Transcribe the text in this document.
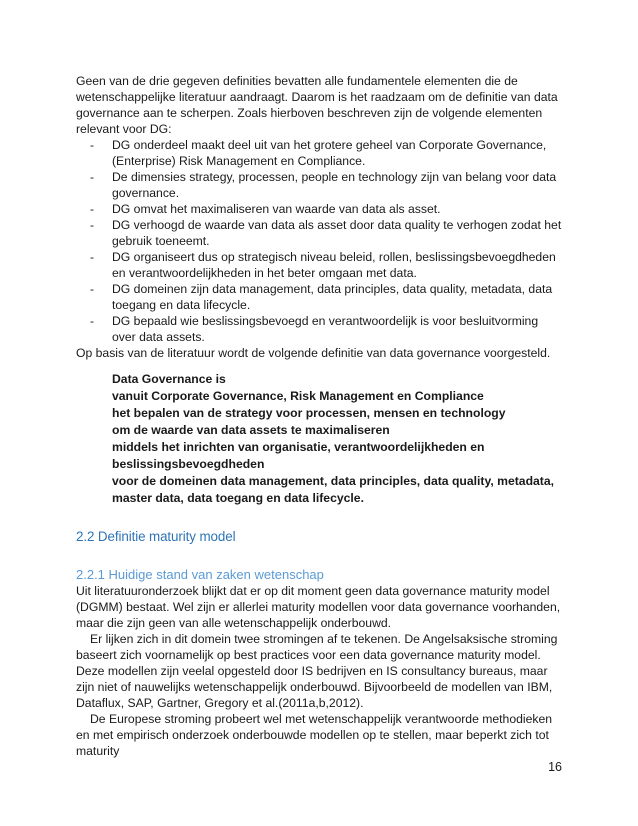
Geen van de drie gegeven definities bevatten alle fundamentele elementen die de wetenschappelijke literatuur aandraagt. Daarom is het raadzaam om de definitie van data governance aan te scherpen. Zoals hierboven beschreven zijn de volgende elementen relevant voor DG:

- DG onderdeel maakt deel uit van het grotere geheel van Corporate Governance, (Enterprise) Risk Management en Compliance.
- De dimensies strategy, processen, people en technology zijn van belang voor data governance.
- DG omvat het maximaliseren van waarde van data als asset.
- DG verhoogd de waarde van data als asset door data quality te verhogen zodat het gebruik toeneemt.
- DG organiseert dus op strategisch niveau beleid, rollen, beslissingsbevoegdheden en verantwoordelijkheden in het beter omgaan met data.
- DG domeinen zijn data management, data principles, data quality, metadata, data toegang en data lifecycle.
- DG bepaald wie beslissingsbevoegd en verantwoordelijk is voor besluitvorming over data assets.

Op basis van de literatuur wordt de volgende definitie van data governance voorgesteld.

Data Governance is
vanuit Corporate Governance, Risk Management en Compliance
het bepalen van de strategy voor processen, mensen en technology
om de waarde van data assets te maximaliseren
middels het inrichten van organisatie, verantwoordelijkheden en beslissingsbevoegdheden
voor de domeinen data management, data principles, data quality, metadata, master data, data toegang en data lifecycle.
2.2 Definitie maturity model
2.2.1 Huidige stand van zaken wetenschap

Uit literatuuronderzoek blijkt dat er op dit moment geen data governance maturity model (DGMM) bestaat. Wel zijn er allerlei maturity modellen voor data governance voorhanden, maar die zijn geen van alle wetenschappelijk onderbouwd.

Er lijken zich in dit domein twee stromingen af te tekenen. De Angelsaksische stroming baseert zich voornamelijk op best practices voor een data governance maturity model. Deze modellen zijn veelal opgesteld door IS bedrijven en IS consultancy bureaus, maar zijn niet of nauwelijks wetenschappelijk onderbouwd. Bijvoorbeeld de modellen van IBM, Dataflux, SAP, Gartner, Gregory et al.(2011a,b,2012).

De Europese stroming probeert wel met wetenschappelijk verantwoorde methodieken en met empirisch onderzoek onderbouwde modellen op te stellen, maar beperkt zich tot maturity

16
